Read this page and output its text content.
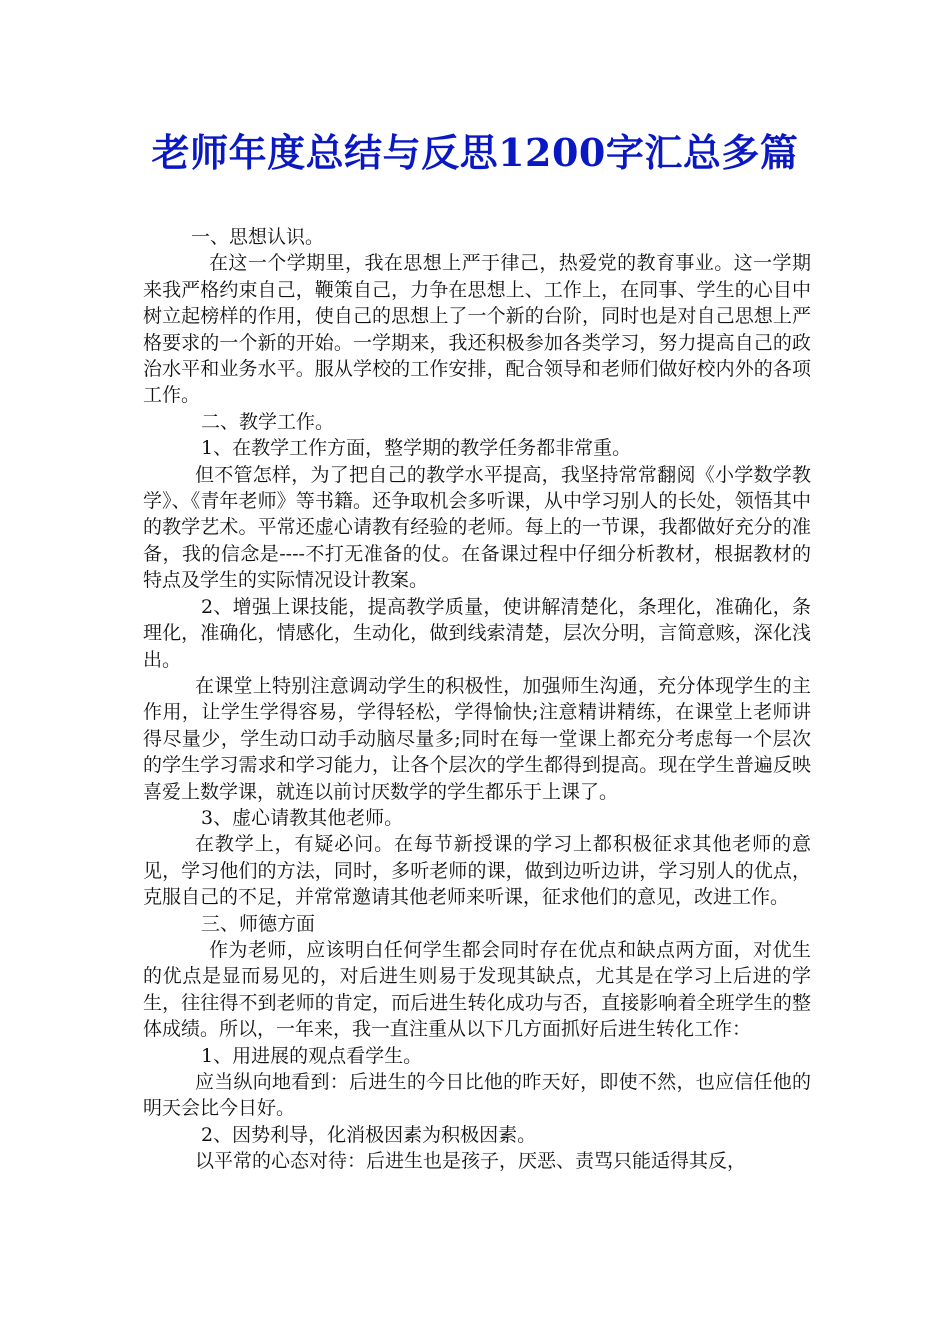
老师年度总结与反思1200字汇总多篇

一、思想认识。

在这一个学期里，我在思想上严于律己，热爱党的教育事业。这一学期来我严格约束自己，鞭策自己，力争在思想上、工作上，在同事、学生的心目中树立起榜样的作用，使自己的思想上了一个新的台阶，同时也是对自己思想上严格要求的一个新的开始。一学期来，我还积极参加各类学习，努力提高自己的政治水平和业务水平。服从学校的工作安排，配合领导和老师们做好校内外的各项工作。

二、教学工作。

1、在教学工作方面，整学期的教学任务都非常重。

但不管怎样，为了把自己的教学水平提高，我坚持常常翻阅《小学数学教学》、《青年老师》等书籍。还争取机会多听课，从中学习别人的长处，领悟其中的教学艺术。平常还虚心请教有经验的老师。每上的一节课，我都做好充分的准备，我的信念是----不打无准备的仗。在备课过程中仔细分析教材，根据教材的特点及学生的实际情况设计教案。

2、增强上课技能，提高教学质量，使讲解清楚化，条理化，准确化，条理化，准确化，情感化，生动化，做到线索清楚，层次分明，言简意赅，深化浅出。

在课堂上特别注意调动学生的积极性，加强师生沟通，充分体现学生的主作用，让学生学得容易，学得轻松，学得愉快;注意精讲精练，在课堂上老师讲得尽量少，学生动口动手动脑尽量多;同时在每一堂课上都充分考虑每一个层次的学生学习需求和学习能力，让各个层次的学生都得到提高。现在学生普遍反映喜爱上数学课，就连以前讨厌数学的学生都乐于上课了。

3、虚心请教其他老师。

在教学上，有疑必问。在每节新授课的学习上都积极征求其他老师的意见，学习他们的方法，同时，多听老师的课，做到边听边讲，学习别人的优点，克服自己的不足，并常常邀请其他老师来听课，征求他们的意见，改进工作。

三、师德方面

作为老师，应该明白任何学生都会同时存在优点和缺点两方面，对优生的优点是显而易见的，对后进生则易于发现其缺点，尤其是在学习上后进的学生，往往得不到老师的肯定，而后进生转化成功与否，直接影响着全班学生的整体成绩。所以，一年来，我一直注重从以下几方面抓好后进生转化工作：

1、用进展的观点看学生。

应当纵向地看到：后进生的今日比他的昨天好，即使不然，也应信任他的明天会比今日好。

2、因势利导，化消极因素为积极因素。

以平常的心态对待：后进生也是孩子，厌恶、责骂只能适得其反，
